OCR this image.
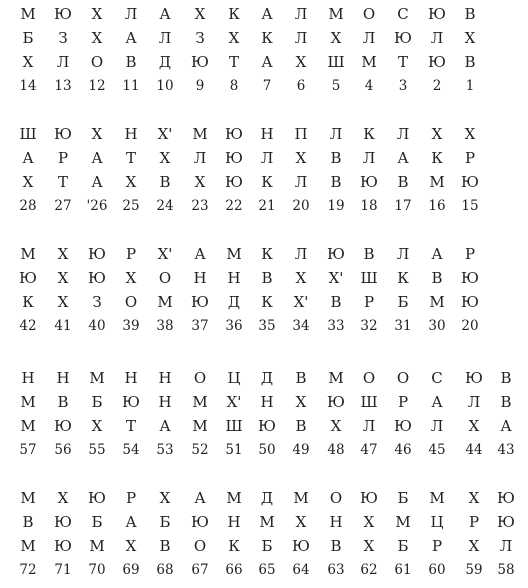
М	Ю	Х	Л	А	Х	К	А	Л	М	О	С	Ю	В
Б	З	Х	А	Л	З	Х	К	Л	Х	Л	Ю	Л	Х
Х	Л	О	В	Д	Ю	Т	А	Х	Ш	М	Т	Ю	В
14	13	12	11	10	9	8	7	6	5	4	3	2	1
Ш	Ю	Х	Н	Х'	М	Ю	Н	П	Л	К	Л	Х	Х
А	Ρ	А	Т	Х	Л	Ю	Л	Х	В	Л	А	К	Ρ
Х	Т	А	Х	В	Х	Ю	К	Л	В	Ю	В	М	Ю
28	27	'26	25	24	23	22	21	20	19	18	17	16	15
М	Х	Ю	Ρ	Х'	А	М	К	Л	Ю	В	Л	А	Ρ
Ю	Х	Ю	Х	О	Н	Н	В	Х	Х'	Ш	К	В	Ю
К	Х	З	О	М	Ю	Д	К	Х'	В	Ρ	Б	М	Ю
42	41	40	39	38	37	36	35	34	33	32	31	30	20
Н	Н	М	Н	Н	О	Ц	Д	В	М	О	О	С	Ю	В
М	В	Б	Ю	Н	М	Х'	Н	Х	Ю	Ш	Ρ	А	Л	В
М	Ю	Х	Т	А	М	Ш	Ю	В	Х	Л	Ю	Л	Х	А
57	56	55	54	53	52	51	50	49	48	47	46	45	44	43
М	Х	Ю	Ρ	Х	А	М	Д	М	О	Ю	Б	М	Х	Ю
В	Ю	Б	А	Б	Ю	Н	М	Х	Н	Х	М	Ц	Ρ	Ю
М	Ю	М	Х	В	О	К	Б	Ю	В	Х	Б	Ρ	Х	Л
72	71	70	69	68	67	66	65	64	63	62	61	60	59	58
